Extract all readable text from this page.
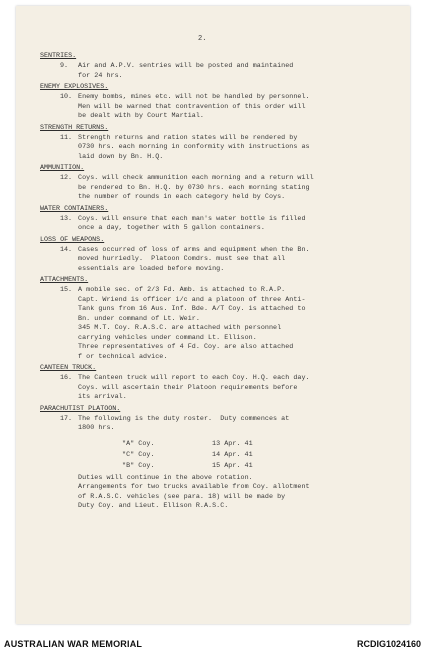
2.
SENTRIES.
9. Air and A.P.V. sentries will be posted and maintained
for 24 hrs.
ENEMY EXPLOSIVES.
10. Enemy bombs, mines etc. will not be handled by personnel.
Men will be warned that contravention of this order will
be dealt with by Court Martial.
STRENGTH RETURNS.
11. Strength returns and ration states will be rendered by
0730 hrs. each morning in conformity with instructions as
laid down by Bn. H.Q.
AMMUNITION.
12. Coys. will check ammunition each morning and a return will
be rendered to Bn. H.Q. by 0730 hrs. each morning stating
the number of rounds in each category held by Coys.
WATER CONTAINERS.
13. Coys. will ensure that each man's water bottle is filled
once a day, together with 5 gallon containers.
LOSS OF WEAPONS.
14. Cases occurred of loss of arms and equipment when the Bn.
moved hurriedly.  Platoon Comdrs. must see that all
essentials are loaded before moving.
ATTACHMENTS.
15. A mobile sec. of 2/3 Fd. Amb. is attached to R.A.P.
Capt. Wriend is officer i/c and a platoon of three Anti-
Tank guns from 16 Aus. Inf. Bde. A/T Coy. is attached to
Bn. under command of Lt. Weir.
345 M.T. Coy. R.A.S.C. are attached with personnel
carrying vehicles under command Lt. Ellison.
Three representatives of 4 Fd. Coy. are also attached
f or technical advice.
CANTEEN TRUCK.
16. The Canteen truck will report to each Coy. H.Q. each day.
Coys. will ascertain their Platoon requirements before
its arrival.
PARACHUTIST PLATOON.
17. The following is the duty roster.  Duty commences at
1800 hrs.
"A" Coy.	13 Apr. 41
"C" Coy.	14 Apr. 41
"B" Coy.	15 Apr. 41
Duties will continue in the above rotation.
Arrangements for two trucks available from Coy. allotment
of R.A.S.C. vehicles (see para. 18) will be made by
Duty Coy. and Lieut. Ellison R.A.S.C.
AUSTRALIAN WAR MEMORIAL	RCDIG1024160
